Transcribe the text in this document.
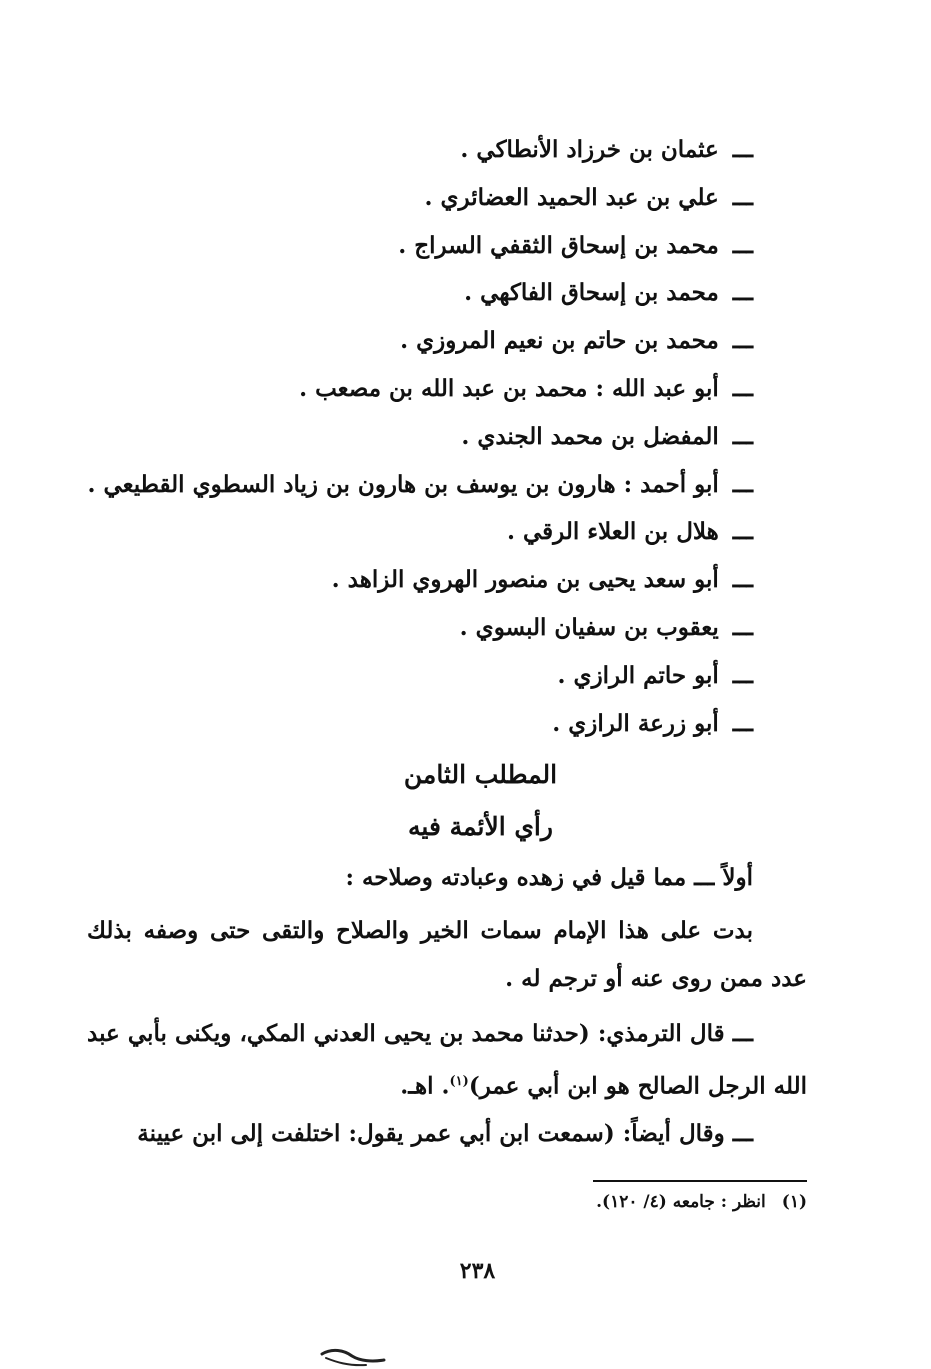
ـــعثمان بن خرزاد الأنطاكي .
ـــعلي بن عبد الحميد العضائري .
ـــمحمد بن إسحاق الثقفي السراج .
ـــمحمد بن إسحاق الفاكهي .
ـــمحمد بن حاتم بن نعيم المروزي .
ـــأبو عبد الله : محمد بن عبد الله بن مصعب .
ـــالمفضل بن محمد الجندي .
ـــأبو أحمد : هارون بن يوسف بن هارون بن زياد السطوي القطيعي .
ـــهلال بن العلاء الرقي .
ـــأبو سعد يحيى بن منصور الهروي الزاهد .
ـــيعقوب بن سفيان البسوي .
ـــأبو حاتم الرازي .
ـــأبو زرعة الرازي .
المطلب الثامن
رأي الأئمة فيه
أولاً ـــ مما قيل في زهده وعبادته وصلاحه :

بدت على هذا الإمام سمات الخير والصلاح والتقى حتى وصفه بذلك عدد ممن روى عنه أو ترجم له .

ـــ قال الترمذي: (حدثنا محمد بن يحيى العدني المكي، ويكنى بأبي عبد الله الرجل الصالح هو ابن أبي عمر)$^{(١)}$. اهـ.

ـــ وقال أيضاً: (سمعت ابن أبي عمر يقول: اختلفت إلى ابن عيينة

(١)انظر : جامعه (٤/ ١٢٠).
٢٣٨
